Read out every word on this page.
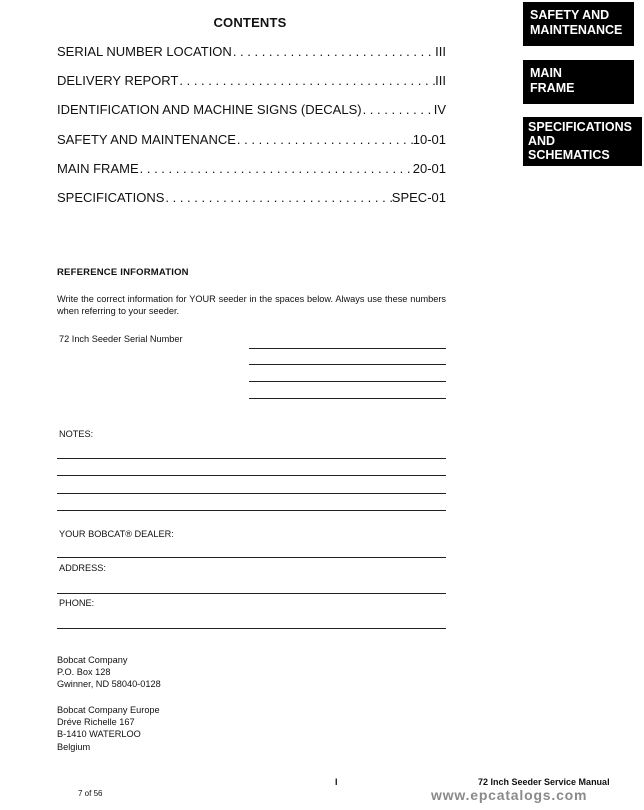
CONTENTS
SERIAL NUMBER LOCATION . . .	III
DELIVERY REPORT . . .	III
IDENTIFICATION AND MACHINE SIGNS (DECALS) . . .	IV
SAFETY AND MAINTENANCE . . .	10-01
MAIN FRAME . . .	20-01
SPECIFICATIONS . . .	SPEC-01
SAFETY AND
MAINTENANCE
MAIN
FRAME
SPECIFICATIONS
AND
SCHEMATICS
REFERENCE INFORMATION
Write the correct information for YOUR seeder in the spaces below. Always use these numbers when referring to your seeder.
72 Inch Seeder Serial Number
NOTES:
YOUR BOBCAT® DEALER:
ADDRESS:
PHONE:
Bobcat Company
P.O. Box 128
Gwinner, ND 58040-0128
Bobcat Company Europe
Dréve Richelle 167
B-1410 WATERLOO
Belgium
7 of 56
I	72 Inch Seeder Service Manual
www.epcatalogs.com
